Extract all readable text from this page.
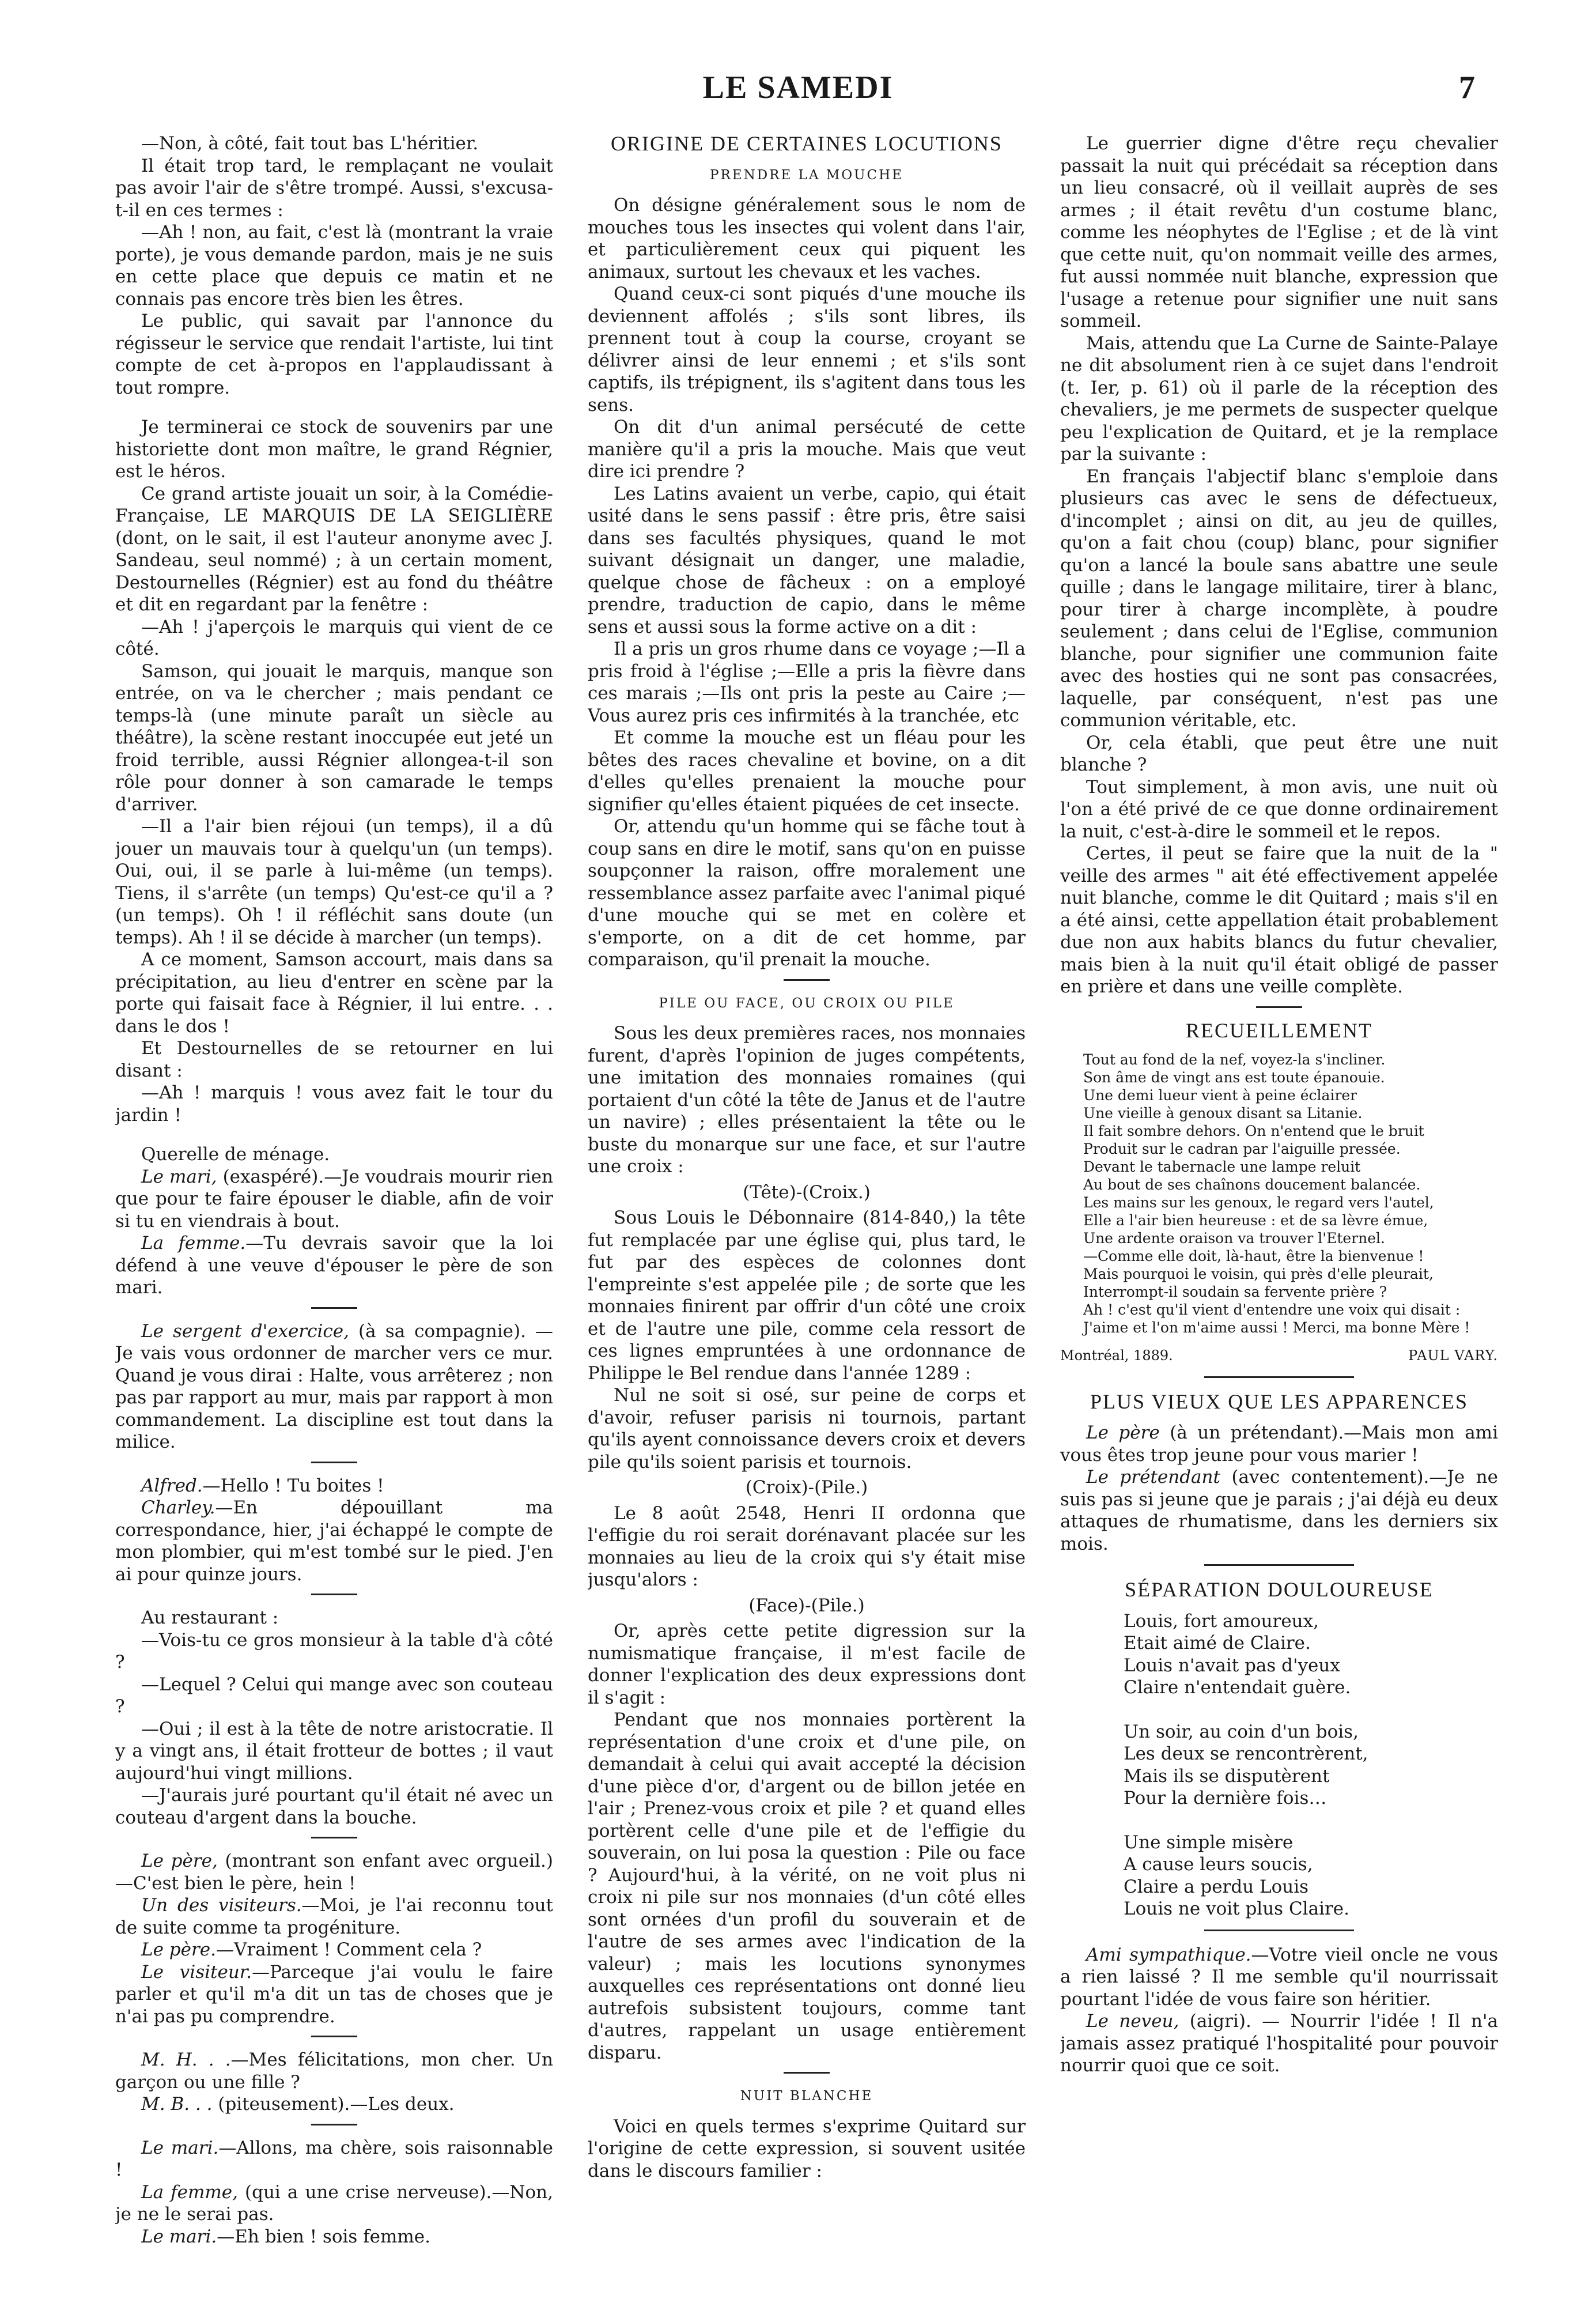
LE SAMEDI	7

—Non, à côté, fait tout bas L'héritier.

Il était trop tard, le remplaçant ne voulait pas avoir l'air de s'être trompé. Aussi, s'excusa-t-il en ces termes :

—Ah ! non, au fait, c'est là (montrant la vraie porte), je vous demande pardon, mais je ne suis en cette place que depuis ce matin et ne connais pas encore très bien les êtres.

Le public, qui savait par l'annonce du régisseur le service que rendait l'artiste, lui tint compte de cet à-propos en l'applaudissant à tout rompre.

Je terminerai ce stock de souvenirs par une historiette dont mon maître, le grand Régnier, est le héros.

Ce grand artiste jouait un soir, à la Comédie-Française, LE MARQUIS DE LA SEIGLIÈRE (dont, on le sait, il est l'auteur anonyme avec J. Sandeau, seul nommé) ; à un certain moment, Destournelles (Régnier) est au fond du théâtre et dit en regardant par la fenêtre :

—Ah ! j'aperçois le marquis qui vient de ce côté.

Samson, qui jouait le marquis, manque son entrée, on va le chercher ; mais pendant ce temps-là (une minute paraît un siècle au théâtre), la scène restant inoccupée eut jeté un froid terrible, aussi Régnier allongea-t-il son rôle pour donner à son camarade le temps d'arriver.

—Il a l'air bien réjoui (un temps), il a dû jouer un mauvais tour à quelqu'un (un temps). Oui, oui, il se parle à lui-même (un temps). Tiens, il s'arrête (un temps) Qu'est-ce qu'il a ? (un temps). Oh ! il réfléchit sans doute (un temps). Ah ! il se décide à marcher (un temps).

A ce moment, Samson accourt, mais dans sa précipitation, au lieu d'entrer en scène par la porte qui faisait face à Régnier, il lui entre. . . dans le dos !

Et Destournelles de se retourner en lui disant :

—Ah ! marquis ! vous avez fait le tour du jardin !

Querelle de ménage.

Le mari, (exaspéré).—Je voudrais mourir rien que pour te faire épouser le diable, afin de voir si tu en viendrais à bout.

La femme.—Tu devrais savoir que la loi défend à une veuve d'épouser le père de son mari.

Le sergent d'exercice, (à sa compagnie). — Je vais vous ordonner de marcher vers ce mur. Quand je vous dirai : Halte, vous arrêterez ; non pas par rapport au mur, mais par rapport à mon commandement. La discipline est tout dans la milice.

Alfred.—Hello ! Tu boites !

Charley.—En dépouillant ma correspondance, hier, j'ai échappé le compte de mon plombier, qui m'est tombé sur le pied. J'en ai pour quinze jours.

Au restaurant :

—Vois-tu ce gros monsieur à la table d'à côté ?

—Lequel ? Celui qui mange avec son couteau ?

—Oui ; il est à la tête de notre aristocratie. Il y a vingt ans, il était frotteur de bottes ; il vaut aujourd'hui vingt millions.

—J'aurais juré pourtant qu'il était né avec un couteau d'argent dans la bouche.

Le père, (montrant son enfant avec orgueil.)—C'est bien le père, hein !

Un des visiteurs.—Moi, je l'ai reconnu tout de suite comme ta progéniture.

Le père.—Vraiment ! Comment cela ?

Le visiteur.—Parceque j'ai voulu le faire parler et qu'il m'a dit un tas de choses que je n'ai pas pu comprendre.

M. H. . .—Mes félicitations, mon cher. Un garçon ou une fille ?

M. B. . . (piteusement).—Les deux.

Le mari.—Allons, ma chère, sois raisonnable !

La femme, (qui a une crise nerveuse).—Non, je ne le serai pas.

Le mari.—Eh bien ! sois femme.

ORIGINE DE CERTAINES LOCUTIONS
PRENDRE LA MOUCHE

On désigne généralement sous le nom de mouches tous les insectes qui volent dans l'air, et particulièrement ceux qui piquent les animaux, surtout les chevaux et les vaches.

Quand ceux-ci sont piqués d'une mouche ils deviennent affolés ; s'ils sont libres, ils prennent tout à coup la course, croyant se délivrer ainsi de leur ennemi ; et s'ils sont captifs, ils trépignent, ils s'agitent dans tous les sens.

On dit d'un animal persécuté de cette manière qu'il a pris la mouche. Mais que veut dire ici prendre ?

Les Latins avaient un verbe, capio, qui était usité dans le sens passif : être pris, être saisi dans ses facultés physiques, quand le mot suivant désignait un danger, une maladie, quelque chose de fâcheux : on a employé prendre, traduction de capio, dans le même sens et aussi sous la forme active on a dit :

Il a pris un gros rhume dans ce voyage ;—Il a pris froid à l'église ;—Elle a pris la fièvre dans ces marais ;—Ils ont pris la peste au Caire ;—Vous aurez pris ces infirmités à la tranchée, etc

Et comme la mouche est un fléau pour les bêtes des races chevaline et bovine, on a dit d'elles qu'elles prenaient la mouche pour signifier qu'elles étaient piquées de cet insecte.

Or, attendu qu'un homme qui se fâche tout à coup sans en dire le motif, sans qu'on en puisse soupçonner la raison, offre moralement une ressemblance assez parfaite avec l'animal piqué d'une mouche qui se met en colère et s'emporte, on a dit de cet homme, par comparaison, qu'il prenait la mouche.

PILE OU FACE, OU CROIX OU PILE

Sous les deux premières races, nos monnaies furent, d'après l'opinion de juges compétents, une imitation des monnaies romaines (qui portaient d'un côté la tête de Janus et de l'autre un navire) ; elles présentaient la tête ou le buste du monarque sur une face, et sur l'autre une croix :

(Tête)-(Croix.)

Sous Louis le Débonnaire (814-840,) la tête fut remplacée par une église qui, plus tard, le fut par des espèces de colonnes dont l'empreinte s'est appelée pile ; de sorte que les monnaies finirent par offrir d'un côté une croix et de l'autre une pile, comme cela ressort de ces lignes empruntées à une ordonnance de Philippe le Bel rendue dans l'année 1289 :

Nul ne soit si osé, sur peine de corps et d'avoir, refuser parisis ni tournois, partant qu'ils ayent connoissance devers croix et devers pile qu'ils soient parisis et tournois.

(Croix)-(Pile.)

Le 8 août 2548, Henri II ordonna que l'effigie du roi serait dorénavant placée sur les monnaies au lieu de la croix qui s'y était mise jusqu'alors :

(Face)-(Pile.)

Or, après cette petite digression sur la numismatique française, il m'est facile de donner l'explication des deux expressions dont il s'agit :

Pendant que nos monnaies portèrent la représentation d'une croix et d'une pile, on demandait à celui qui avait accepté la décision d'une pièce d'or, d'argent ou de billon jetée en l'air ; Prenez-vous croix et pile ? et quand elles portèrent celle d'une pile et de l'effigie du souverain, on lui posa la question : Pile ou face ? Aujourd'hui, à la vérité, on ne voit plus ni croix ni pile sur nos monnaies (d'un côté elles sont ornées d'un profil du souverain et de l'autre de ses armes avec l'indication de la valeur) ; mais les locutions synonymes auxquelles ces représentations ont donné lieu autrefois subsistent toujours, comme tant d'autres, rappelant un usage entièrement disparu.

NUIT BLANCHE

Voici en quels termes s'exprime Quitard sur l'origine de cette expression, si souvent usitée dans le discours familier :

Le guerrier digne d'être reçu chevalier passait la nuit qui précédait sa réception dans un lieu consacré, où il veillait auprès de ses armes ; il était revêtu d'un costume blanc, comme les néophytes de l'Eglise ; et de là vint que cette nuit, qu'on nommait veille des armes, fut aussi nommée nuit blanche, expression que l'usage a retenue pour signifier une nuit sans sommeil.

Mais, attendu que La Curne de Sainte-Palaye ne dit absolument rien à ce sujet dans l'endroit (t. Ier, p. 61) où il parle de la réception des chevaliers, je me permets de suspecter quelque peu l'explication de Quitard, et je la remplace par la suivante :

En français l'abjectif blanc s'emploie dans plusieurs cas avec le sens de défectueux, d'incomplet ; ainsi on dit, au jeu de quilles, qu'on a fait chou (coup) blanc, pour signifier qu'on a lancé la boule sans abattre une seule quille ; dans le langage militaire, tirer à blanc, pour tirer à charge incomplète, à poudre seulement ; dans celui de l'Eglise, communion blanche, pour signifier une communion faite avec des hosties qui ne sont pas consacrées, laquelle, par conséquent, n'est pas une communion véritable, etc.

Or, cela établi, que peut être une nuit blanche ?

Tout simplement, à mon avis, une nuit où l'on a été privé de ce que donne ordinairement la nuit, c'est-à-dire le sommeil et le repos.

Certes, il peut se faire que la nuit de la " veille des armes " ait été effectivement appelée nuit blanche, comme le dit Quitard ; mais s'il en a été ainsi, cette appellation était probablement due non aux habits blancs du futur chevalier, mais bien à la nuit qu'il était obligé de passer en prière et dans une veille complète.

RECUEILLEMENT
Tout au fond de la nef, voyez-la s'incliner.
Son âme de vingt ans est toute épanouie.
Une demi lueur vient à peine éclairer
Une vieille à genoux disant sa Litanie.
Il fait sombre dehors. On n'entend que le bruit
Produit sur le cadran par l'aiguille pressée.
Devant le tabernacle une lampe reluit
Au bout de ses chaînons doucement balancée.
Les mains sur les genoux, le regard vers l'autel,
Elle a l'air bien heureuse : et de sa lèvre émue,
Une ardente oraison va trouver l'Eternel.
—Comme elle doit, là-haut, être la bienvenue !
Mais pourquoi le voisin, qui près d'elle pleurait,
Interrompt-il soudain sa fervente prière ?
Ah ! c'est qu'il vient d'entendre une voix qui disait :
J'aime et l'on m'aime aussi ! Merci, ma bonne Mère !
Montréal, 1889.	PAUL VARY.
PLUS VIEUX QUE LES APPARENCES

Le père (à un prétendant).—Mais mon ami vous êtes trop jeune pour vous marier !

Le prétendant (avec contentement).—Je ne suis pas si jeune que je parais ; j'ai déjà eu deux attaques de rhumatisme, dans les derniers six mois.

SÉPARATION DOULOUREUSE
Louis, fort amoureux,
Etait aimé de Claire.
Louis n'avait pas d'yeux
Claire n'entendait guère.
Un soir, au coin d'un bois,
Les deux se rencontrèrent,
Mais ils se disputèrent
Pour la dernière fois…
Une simple misère
A cause leurs soucis,
Claire a perdu Louis
Louis ne voit plus Claire.

Ami sympathique.—Votre vieil oncle ne vous a rien laissé ? Il me semble qu'il nourrissait pourtant l'idée de vous faire son héritier.

Le neveu, (aigri). — Nourrir l'idée ! Il n'a jamais assez pratiqué l'hospitalité pour pouvoir nourrir quoi que ce soit.
